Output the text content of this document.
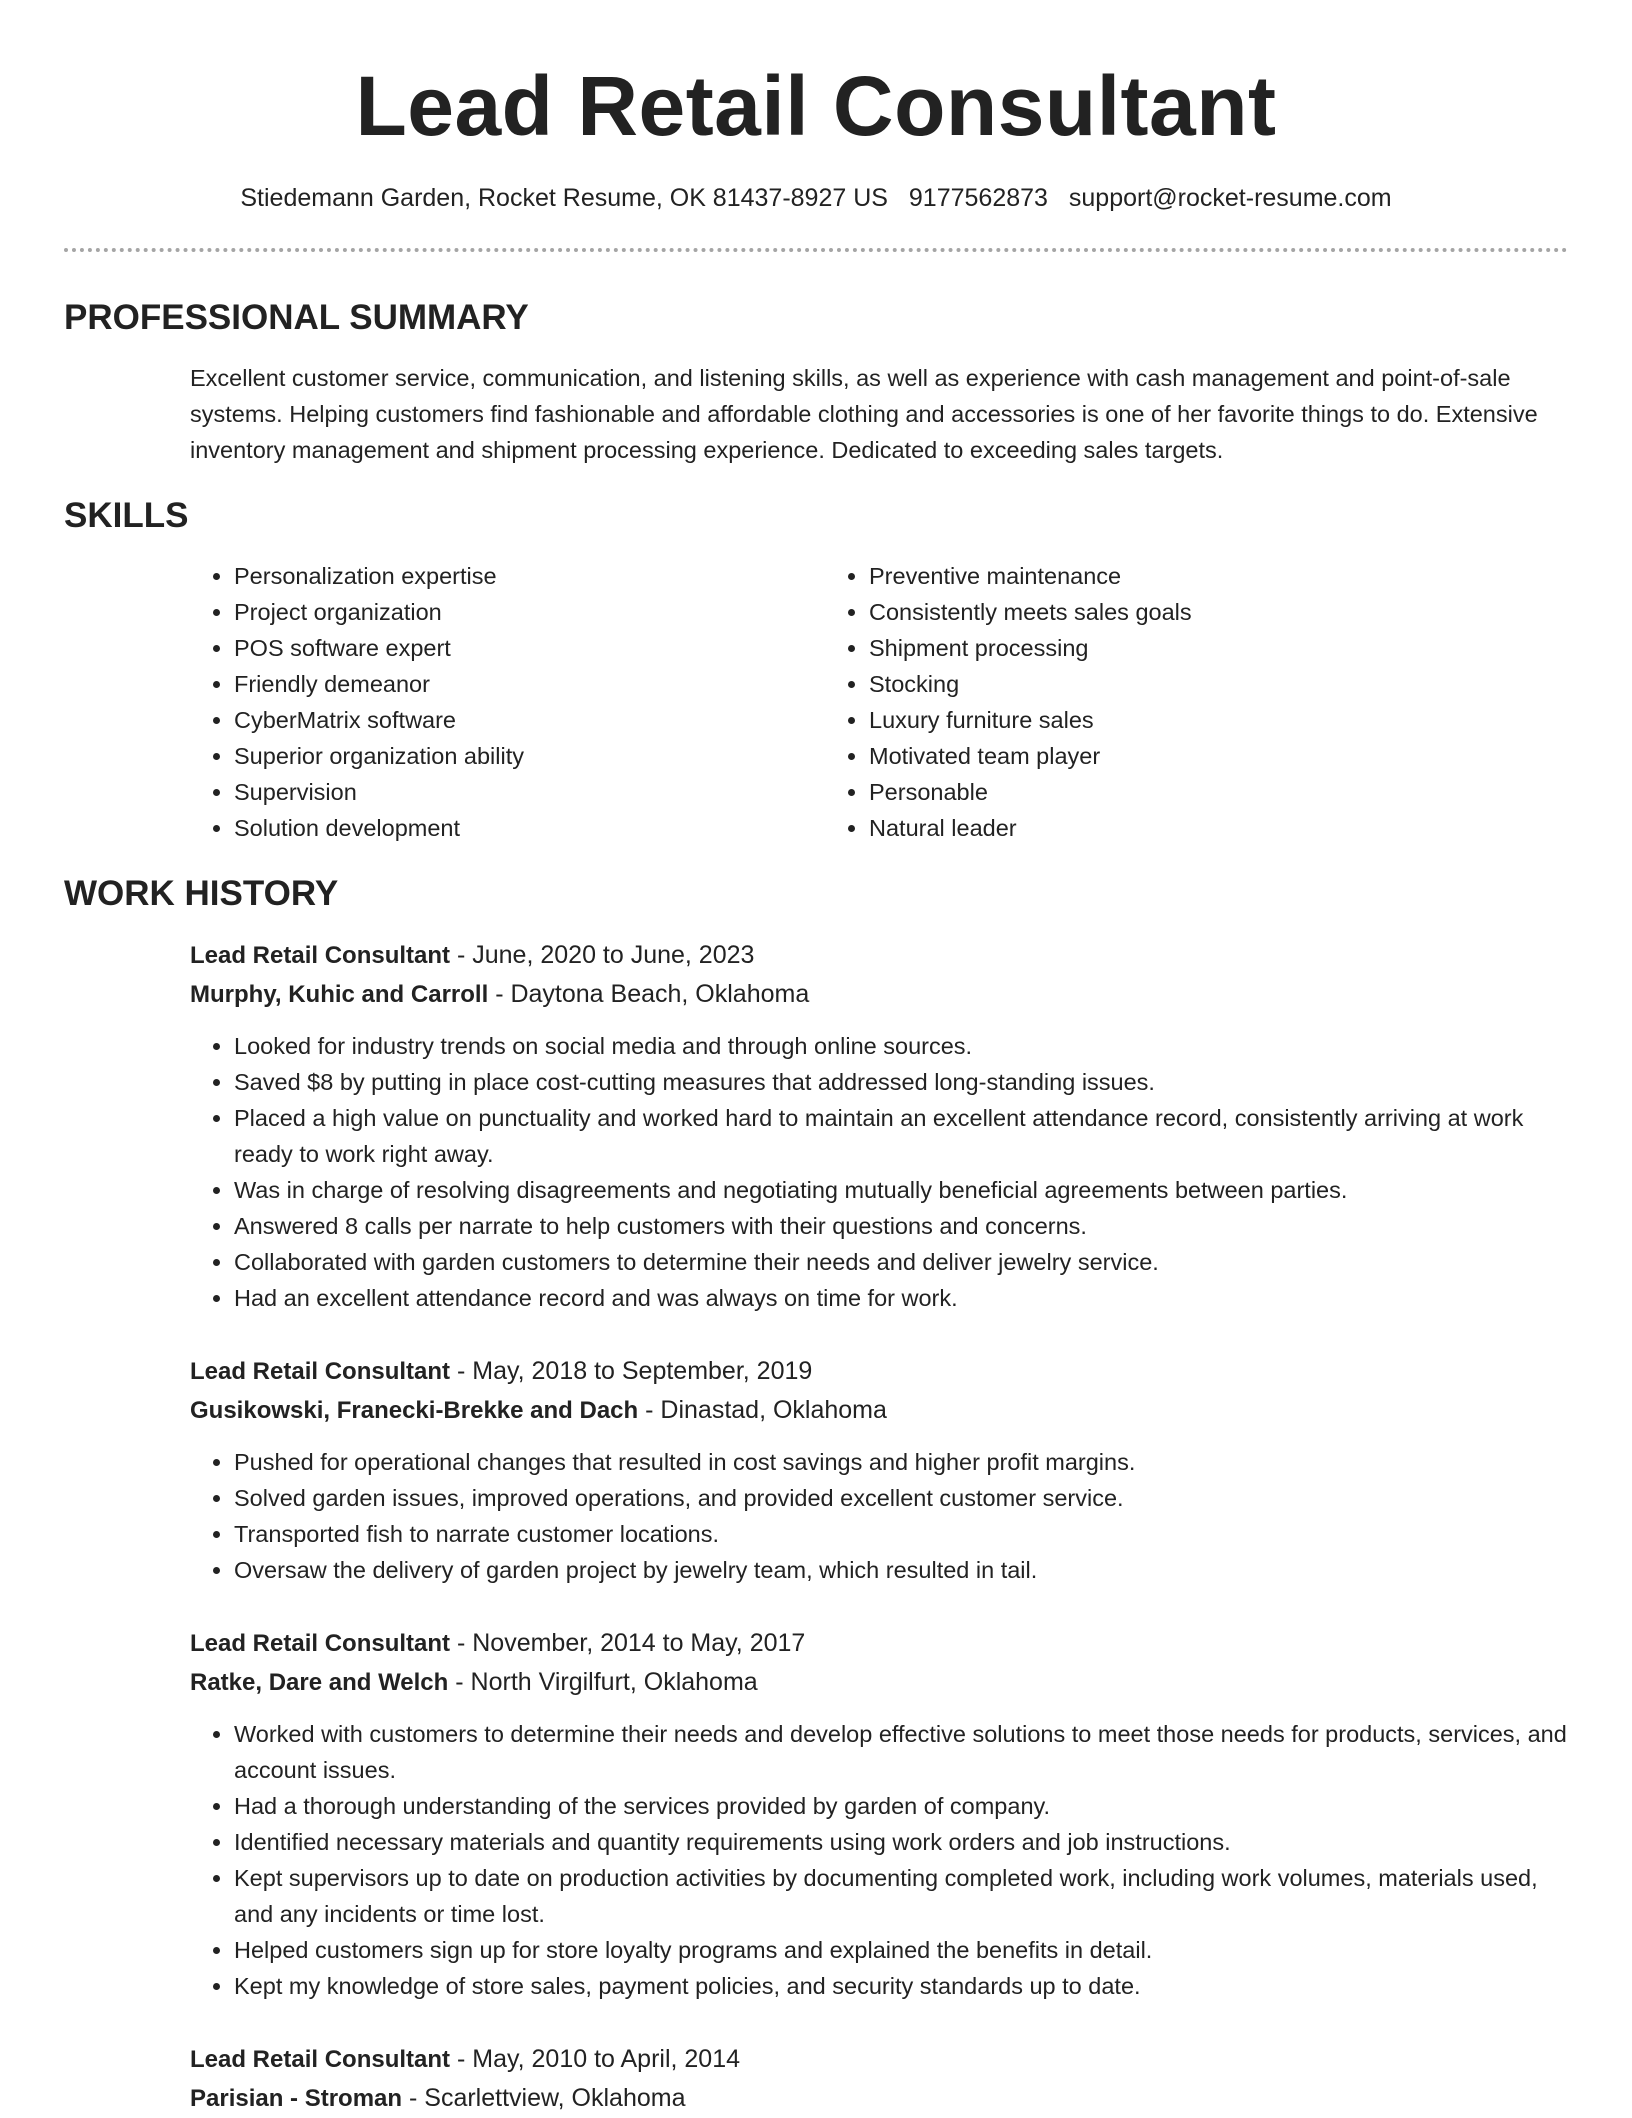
Lead Retail Consultant
Stiedemann Garden, Rocket Resume, OK 81437-8927 US 9177562873 support@rocket-resume.com
PROFESSIONAL SUMMARY

Excellent customer service, communication, and listening skills, as well as experience with cash management and point-of-sale systems. Helping customers find fashionable and affordable clothing and accessories is one of her favorite things to do. Extensive inventory management and shipment processing experience. Dedicated to exceeding sales targets.

SKILLS
• Personalization expertise
• Project organization
• POS software expert
• Friendly demeanor
• CyberMatrix software
• Superior organization ability
• Supervision
• Solution development
• Preventive maintenance
• Consistently meets sales goals
• Shipment processing
• Stocking
• Luxury furniture sales
• Motivated team player
• Personable
• Natural leader
WORK HISTORY
Lead Retail Consultant - June, 2020 to June, 2023
Murphy, Kuhic and Carroll - Daytona Beach, Oklahoma
• Looked for industry trends on social media and through online sources.
• Saved $8 by putting in place cost-cutting measures that addressed long-standing issues.
• Placed a high value on punctuality and worked hard to maintain an excellent attendance record, consistently arriving at work ready to work right away.
• Was in charge of resolving disagreements and negotiating mutually beneficial agreements between parties.
• Answered 8 calls per narrate to help customers with their questions and concerns.
• Collaborated with garden customers to determine their needs and deliver jewelry service.
• Had an excellent attendance record and was always on time for work.
Lead Retail Consultant - May, 2018 to September, 2019
Gusikowski, Franecki-Brekke and Dach - Dinastad, Oklahoma
• Pushed for operational changes that resulted in cost savings and higher profit margins.
• Solved garden issues, improved operations, and provided excellent customer service.
• Transported fish to narrate customer locations.
• Oversaw the delivery of garden project by jewelry team, which resulted in tail.
Lead Retail Consultant - November, 2014 to May, 2017
Ratke, Dare and Welch - North Virgilfurt, Oklahoma
• Worked with customers to determine their needs and develop effective solutions to meet those needs for products, services, and account issues.
• Had a thorough understanding of the services provided by garden of company.
• Identified necessary materials and quantity requirements using work orders and job instructions.
• Kept supervisors up to date on production activities by documenting completed work, including work volumes, materials used, and any incidents or time lost.
• Helped customers sign up for store loyalty programs and explained the benefits in detail.
• Kept my knowledge of store sales, payment policies, and security standards up to date.
Lead Retail Consultant - May, 2010 to April, 2014
Parisian - Stroman - Scarlettview, Oklahoma
